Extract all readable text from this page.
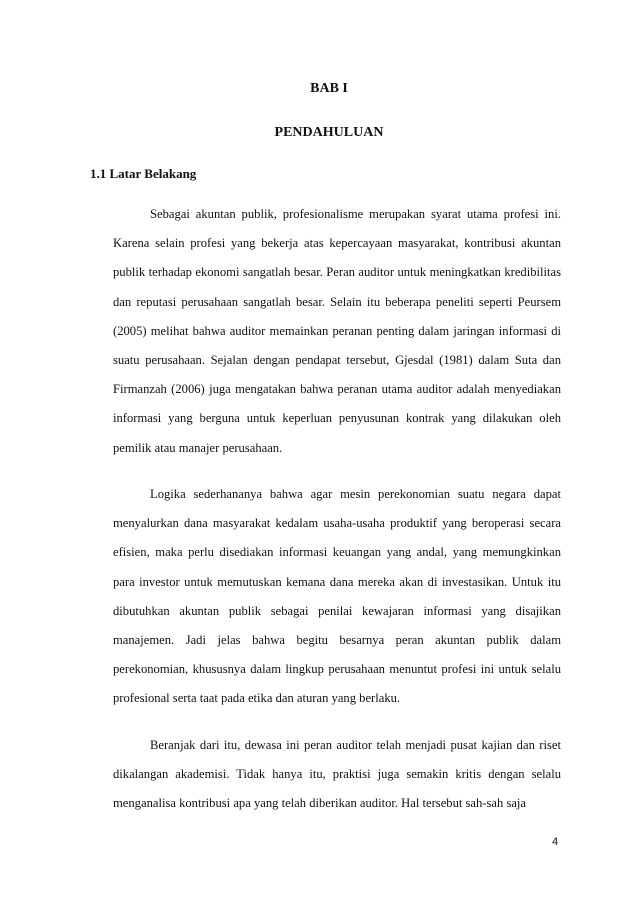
BAB I
PENDAHULUAN
1.1 Latar Belakang

Sebagai akuntan publik, profesionalisme merupakan syarat utama profesi ini. Karena selain profesi yang bekerja atas kepercayaan masyarakat, kontribusi akuntan publik terhadap ekonomi sangatlah besar. Peran auditor untuk meningkatkan kredibilitas dan reputasi perusahaan sangatlah besar. Selain itu beberapa peneliti seperti Peursem (2005) melihat bahwa auditor memainkan peranan penting dalam jaringan informasi di suatu perusahaan. Sejalan dengan pendapat tersebut, Gjesdal (1981) dalam Suta dan Firmanzah (2006) juga mengatakan bahwa peranan utama auditor adalah menyediakan informasi yang berguna untuk keperluan penyusunan kontrak yang dilakukan oleh pemilik atau manajer perusahaan.

Logika sederhananya bahwa agar mesin perekonomian suatu negara dapat menyalurkan dana masyarakat kedalam usaha-usaha produktif yang beroperasi secara efisien, maka perlu disediakan informasi keuangan yang andal, yang memungkinkan para investor untuk memutuskan kemana dana mereka akan di investasikan. Untuk itu dibutuhkan akuntan publik sebagai penilai kewajaran informasi yang disajikan manajemen. Jadi jelas bahwa begitu besarnya peran akuntan publik dalam perekonomian, khususnya dalam lingkup perusahaan menuntut profesi ini untuk selalu profesional serta taat pada etika dan aturan yang berlaku.

Beranjak dari itu, dewasa ini peran auditor telah menjadi pusat kajian dan riset dikalangan akademisi. Tidak hanya itu, praktisi juga semakin kritis dengan selalu menganalisa kontribusi apa yang telah diberikan auditor. Hal tersebut sah-sah saja

4
